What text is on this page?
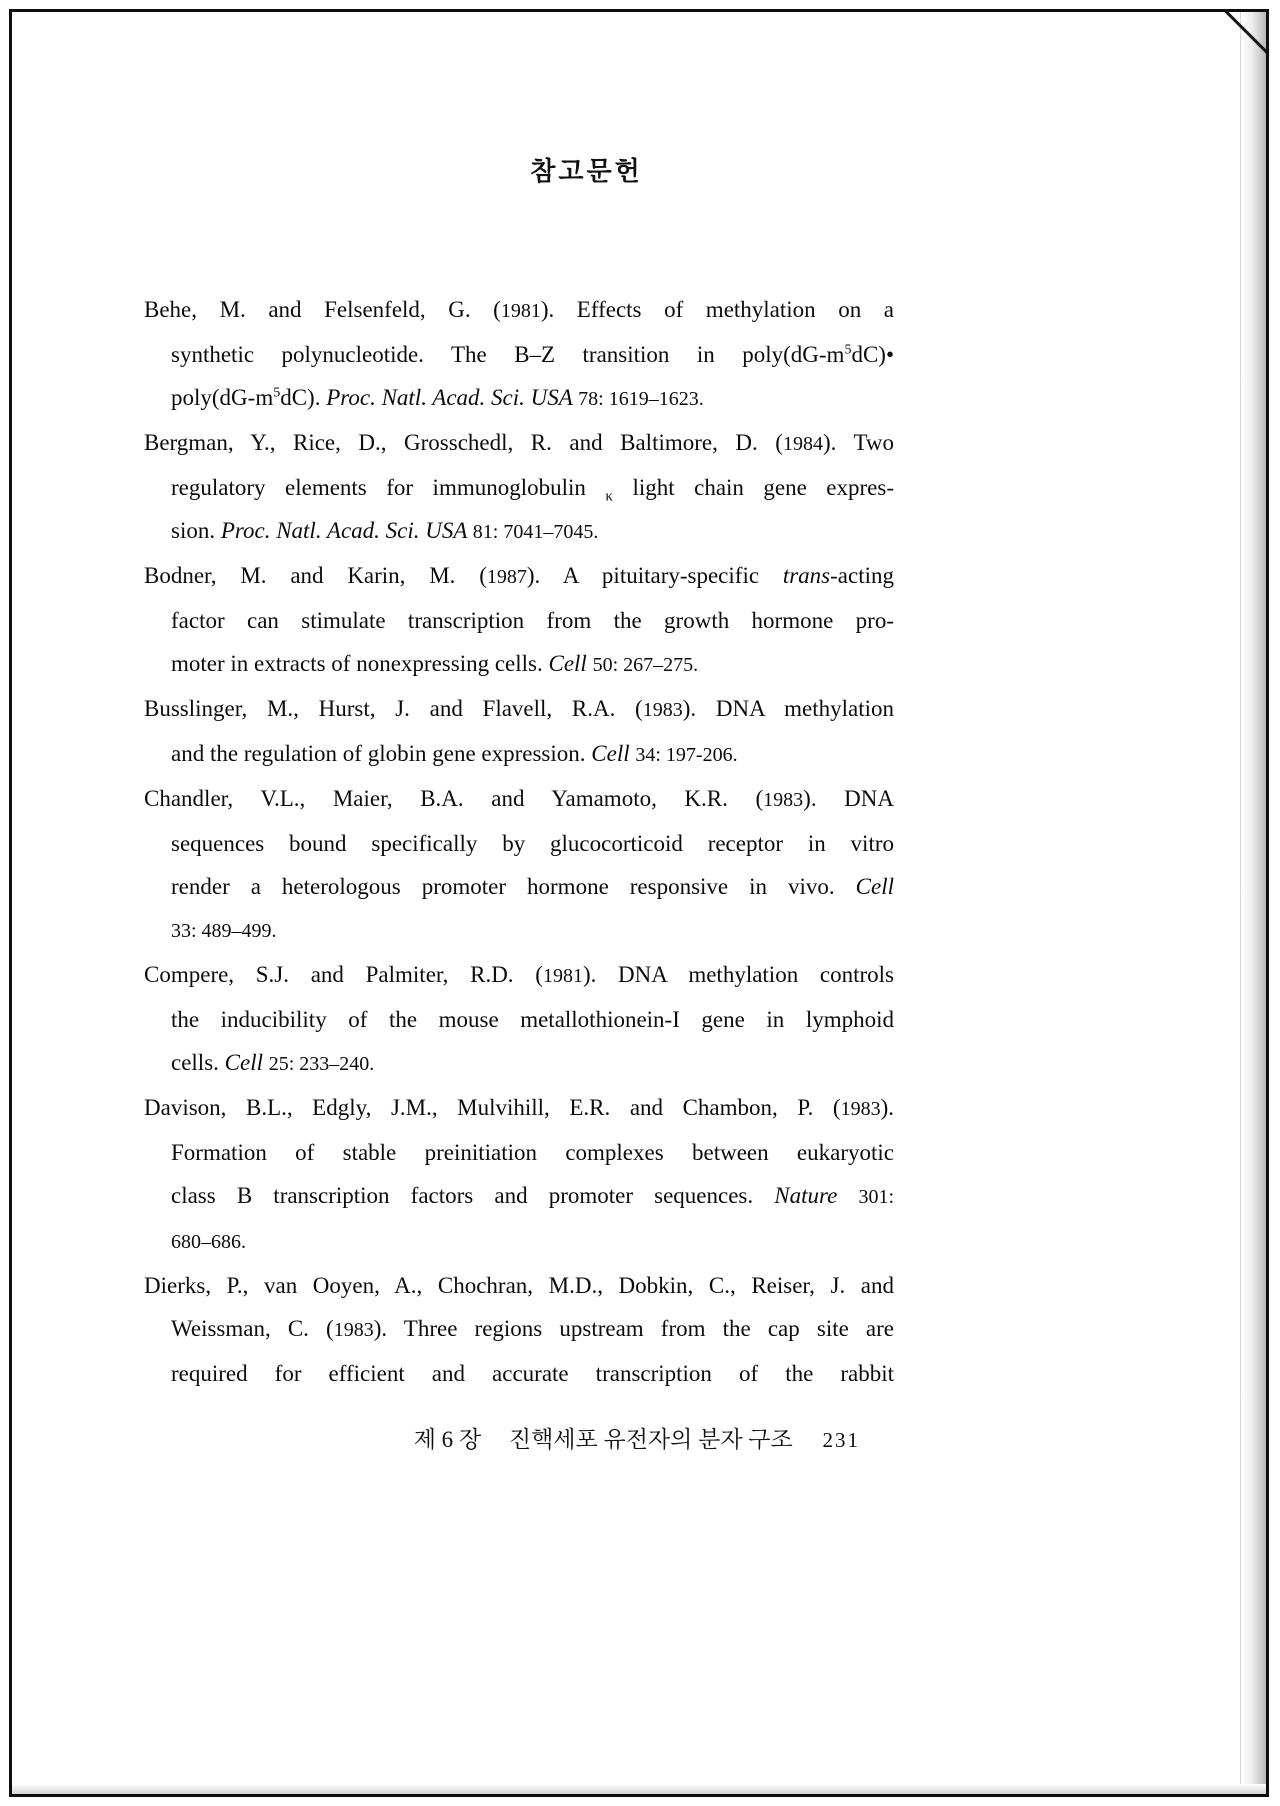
참고문헌
Behe, M. and Felsenfeld, G. (1981). Effects of methylation on a
synthetic polynucleotide. The B–Z transition in $poly(dG-m^5dC)•$
$poly(dG-m^5dC)$. Proc. Natl. Acad. Sci. USA 78: 1619–1623.
Bergman, Y., Rice, D., Grosschedl, R. and Baltimore, D. (1984). Two
regulatory elements for immunoglobulin $_\kappa$ light chain gene expres-
sion. Proc. Natl. Acad. Sci. USA 81: 7041–7045.
Bodner, M. and Karin, M. (1987). A pituitary-specific trans-acting
factor can stimulate transcription from the growth hormone pro-
moter in extracts of nonexpressing cells. Cell 50: 267–275.
Busslinger, M., Hurst, J. and Flavell, R.A. (1983). DNA methylation
and the regulation of globin gene expression. Cell 34: 197-206.
Chandler, V.L., Maier, B.A. and Yamamoto, K.R. (1983). DNA
sequences bound specifically by glucocorticoid receptor in vitro
render a heterologous promoter hormone responsive in vivo. Cell
33: 489–499.
Compere, S.J. and Palmiter, R.D. (1981). DNA methylation controls
the inducibility of the mouse metallothionein-I gene in lymphoid
cells. Cell 25: 233–240.
Davison, B.L., Edgly, J.M., Mulvihill, E.R. and Chambon, P. (1983).
Formation of stable preinitiation complexes between eukaryotic
class B transcription factors and promoter sequences. Nature 301:
680–686.
Dierks, P., van Ooyen, A., Chochran, M.D., Dobkin, C., Reiser, J. and
Weissman, C. (1983). Three regions upstream from the cap site are
required for efficient and accurate transcription of the rabbit
제 6 장 진핵세포 유전자의 분자 구조 231
